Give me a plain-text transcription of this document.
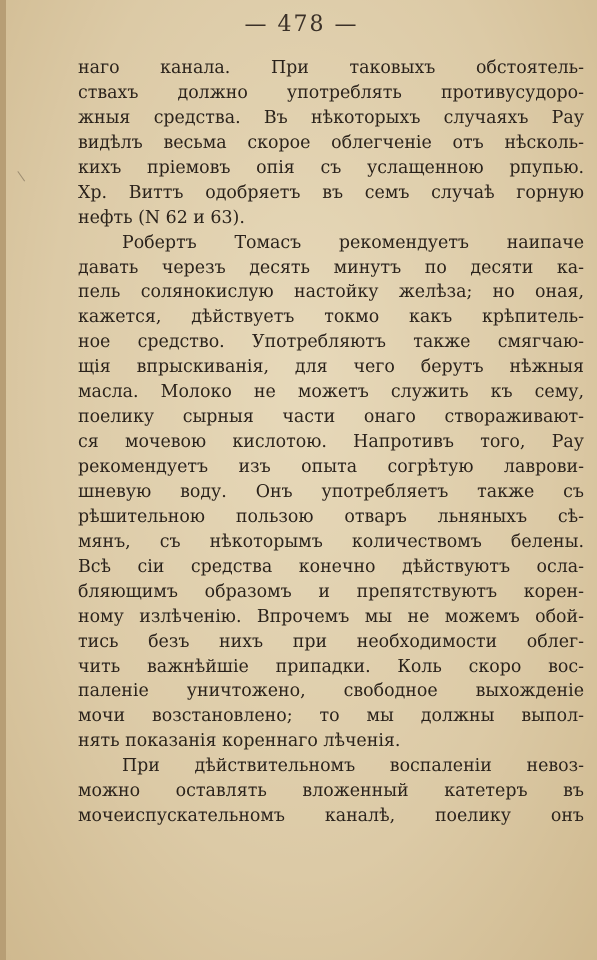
— 478 —
наго канала. При таковыхъ обстоятель-
ствахъ должно употреблять противусудоро-
жныя средства. Въ нѣкоторыхъ случаяхъ Рау
видѣлъ весьма скорое облегченіе отъ нѣсколь-
кихъ пріемовъ опія съ услащенною рпупью.
Хр. Виттъ одобряетъ въ семъ случаѣ горную
нефть (N 62 и 63).
Робертъ Томасъ рекомендуетъ наипаче
давать черезъ десять минутъ по десяти ка-
пель солянокислую настойку желѣза; но оная,
кажется, дѣйствуетъ токмо какъ крѣпитель-
ное средство. Употребляютъ также смягчаю-
щія впрыскиванія, для чего берутъ нѣжныя
масла. Молоко не можетъ служить къ сему,
поелику сырныя части онаго створаживают-
ся мочевою кислотою. Напротивъ того, Рау
рекомендуетъ изъ опыта согрѣтую лаврови-
шневую воду. Онъ употребляетъ также съ
рѣшительною пользою отваръ льняныхъ сѣ-
мянъ, съ нѣкоторымъ количествомъ белены.
Всѣ сіи средства конечно дѣйствуютъ осла-
бляющимъ образомъ и препятствуютъ корен-
ному излѣченію. Впрочемъ мы не можемъ обой-
тись безъ нихъ при необходимости облег-
чить важнѣйшіе припадки. Коль скоро вос-
паленіе уничтожено, свободное выхожденіе
мочи возстановлено; то мы должны выпол-
нять показанія кореннаго лѣченія.
При дѣйствительномъ воспаленіи невоз-
можно оставлять вложенный катетеръ въ
мочеиспускательномъ каналѣ, поелику онъ
